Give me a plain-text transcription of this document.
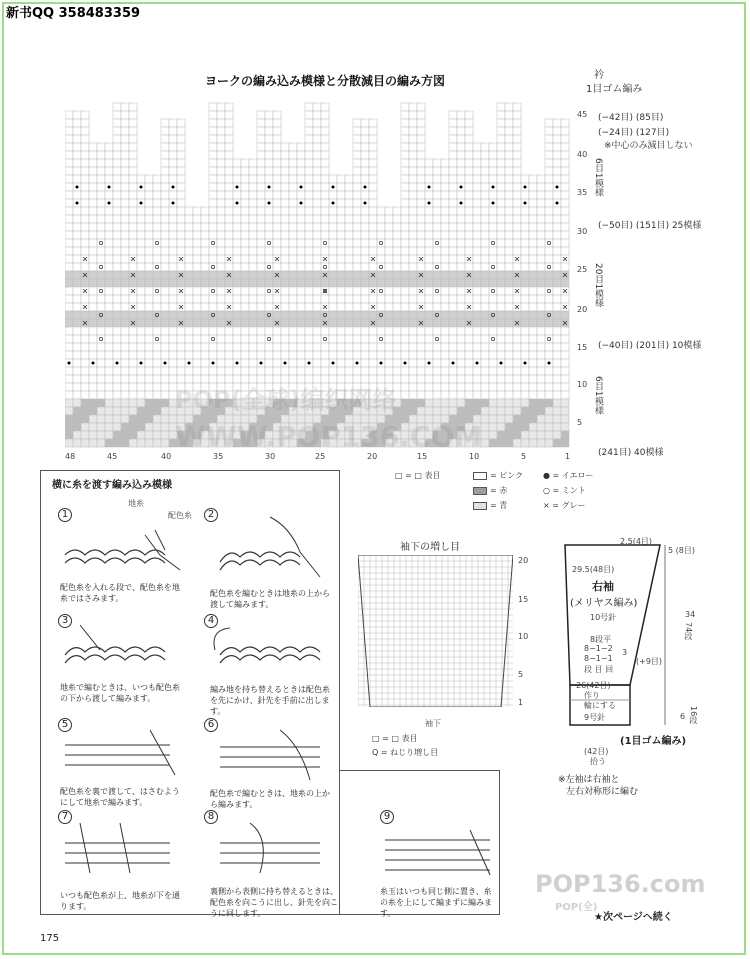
新书QQ 358483359
ヨークの編み込み模様と分散減目の編み方図
48	45	40	35	30	25	20	15	10	5	1
45
40
35
30
25
20
15
10
5
衿
1目ゴム編み
(−42目) (85目)
(−24目) (127目)
※中心のみ減目しない
6目1模様
(−50目) (151目) 25模様
20目1模様
(−40目) (201目) 10模様
6目1模様
(241目) 40模様
POP(全球)编织网络
WWW.POP136.COM
□ = □ 表目	= ピンク ● = イエロー
= 赤	○ = ミント
= 青	× = グレー
横に糸を渡す編み込み模様
地糸
配色糸
1
配色糸を入れる段で、配色糸を地糸ではさみます。
2
配色糸を編むときは地糸の上から渡して編みます。
3
地糸で編むときは、いつも配色糸の下から渡して編みます。
4
編み地を持ち替えるときは配色糸を先にかけ、針先を手前に出します。
5
配色糸を裏で渡して、はさむようにして地糸で編みます。
6
配色糸で編むときは、地糸の上から編みます。
7
いつも配色糸が上、地糸が下を通ります。
8
裏側から表側に持ち替えるときは、配色糸を向こうに出し、針先を向こうに回します。
9
糸玉はいつも同じ側に置き、糸の糸を上にして編まずに編みます。
袖下の増し目
20
15
10
5
1
袖下
□ = □ 表目
Q = ねじり増し目
2.5(4目)
5 (8目)
29.5(48目)
右袖
(メリヤス編み)
10号針
8段平
8−1−2
8−1−1
段 目 回
3
(+9目)
34
74段
26(42目)
作り
輪にする
9号針	6 16段
(1目ゴム編み)
(42目)
拾う
※左袖は右袖と
左右対称形に編む
175
POP136.com
POP(全)
★次ページへ続く
